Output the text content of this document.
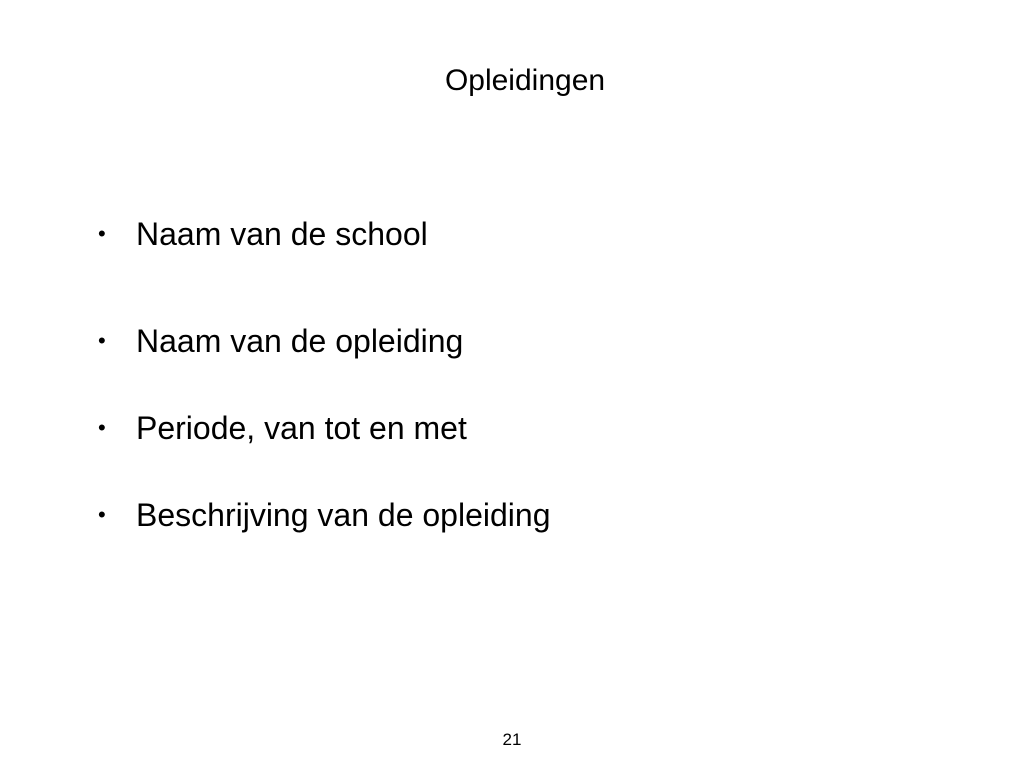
Opleidingen
• Naam van de school
• Naam van de opleiding
• Periode, van tot en met
• Beschrijving van de opleiding
21
